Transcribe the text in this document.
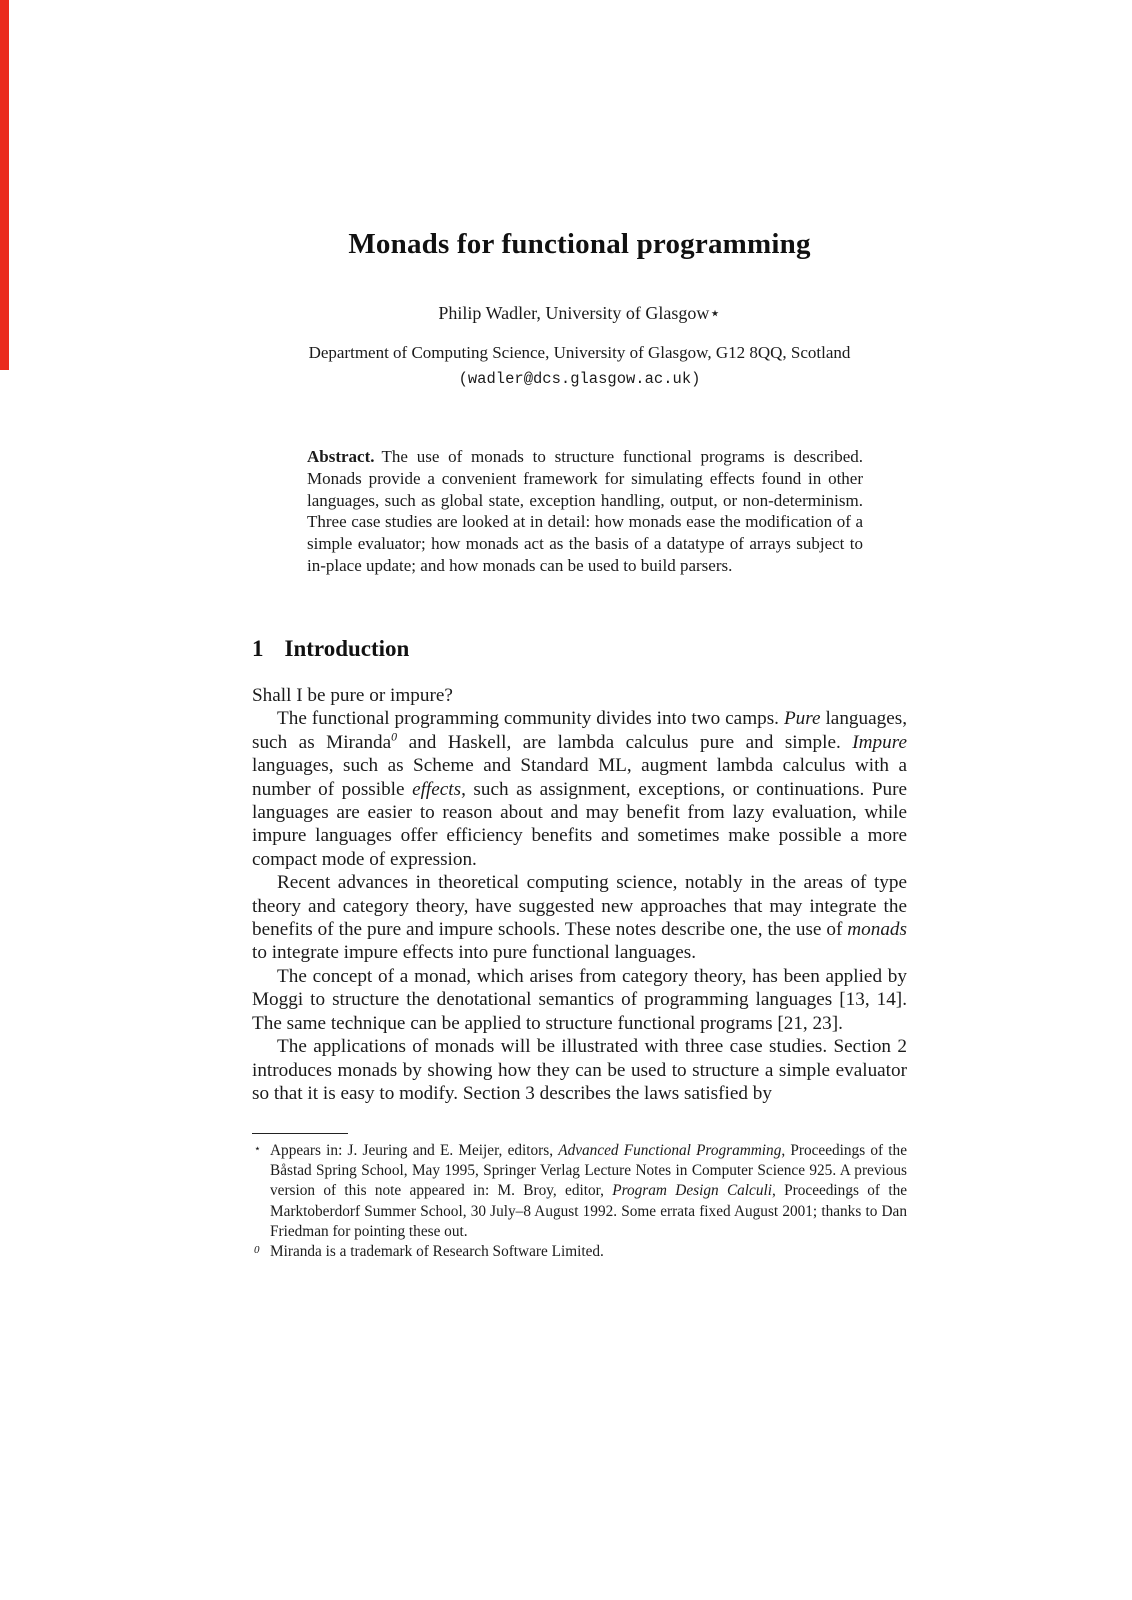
Monads for functional programming
Philip Wadler, University of Glasgow⋆
Department of Computing Science, University of Glasgow, G12 8QQ, Scotland
(wadler@dcs.glasgow.ac.uk)
Abstract. The use of monads to structure functional programs is described. Monads provide a convenient framework for simulating effects found in other languages, such as global state, exception handling, output, or non-determinism. Three case studies are looked at in detail: how monads ease the modification of a simple evaluator; how monads act as the basis of a datatype of arrays subject to in-place update; and how monads can be used to build parsers.
1 Introduction

Shall I be pure or impure?

The functional programming community divides into two camps. Pure languages, such as Miranda$^0$ and Haskell, are lambda calculus pure and simple. Impure languages, such as Scheme and Standard ML, augment lambda calculus with a number of possible effects, such as assignment, exceptions, or continuations. Pure languages are easier to reason about and may benefit from lazy evaluation, while impure languages offer efficiency benefits and sometimes make possible a more compact mode of expression.

Recent advances in theoretical computing science, notably in the areas of type theory and category theory, have suggested new approaches that may integrate the benefits of the pure and impure schools. These notes describe one, the use of monads to integrate impure effects into pure functional languages.

The concept of a monad, which arises from category theory, has been applied by Moggi to structure the denotational semantics of programming languages [13, 14]. The same technique can be applied to structure functional programs [21, 23].

The applications of monads will be illustrated with three case studies. Section 2 introduces monads by showing how they can be used to structure a simple evaluator so that it is easy to modify. Section 3 describes the laws satisfied by

⋆ Appears in: J. Jeuring and E. Meijer, editors, Advanced Functional Programming, Proceedings of the Båstad Spring School, May 1995, Springer Verlag Lecture Notes in Computer Science 925. A previous version of this note appeared in: M. Broy, editor, Program Design Calculi, Proceedings of the Marktoberdorf Summer School, 30 July–8 August 1992. Some errata fixed August 2001; thanks to Dan Friedman for pointing these out.
0 Miranda is a trademark of Research Software Limited.
